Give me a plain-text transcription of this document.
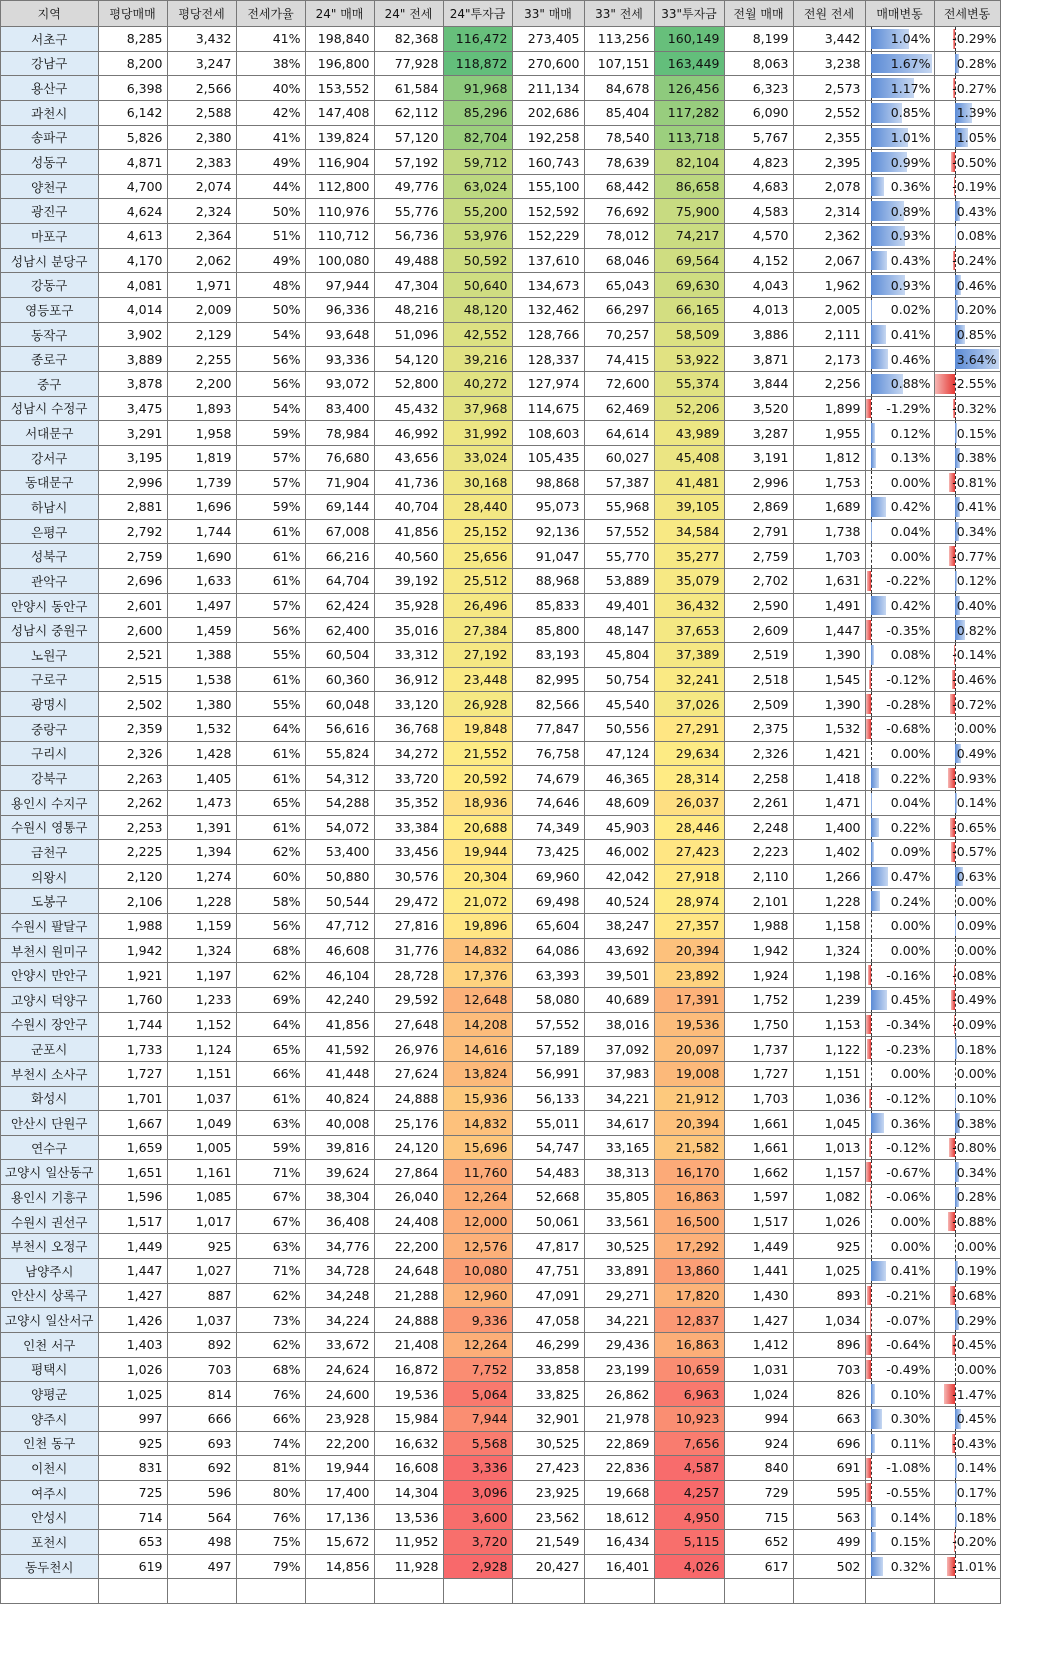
지역	평당매매	평당전세	전세가율	24" 매매	24" 전세	24"투자금	33" 매매	33" 전세	33"투자금	전월 매매	전원 전세	매매변동	전세변동
서초구	8,285	3,432	41%	198,840	82,368	116,472	273,405	113,256	160,149	8,199	3,442	1.04%	-0.29%
강남구	8,200	3,247	38%	196,800	77,928	118,872	270,600	107,151	163,449	8,063	3,238	1.67%	0.28%
용산구	6,398	2,566	40%	153,552	61,584	91,968	211,134	84,678	126,456	6,323	2,573	1.17%	-0.27%
과천시	6,142	2,588	42%	147,408	62,112	85,296	202,686	85,404	117,282	6,090	2,552	0.85%	1.39%
송파구	5,826	2,380	41%	139,824	57,120	82,704	192,258	78,540	113,718	5,767	2,355	1.01%	1.05%
성동구	4,871	2,383	49%	116,904	57,192	59,712	160,743	78,639	82,104	4,823	2,395	0.99%	-0.50%
양천구	4,700	2,074	44%	112,800	49,776	63,024	155,100	68,442	86,658	4,683	2,078	0.36%	-0.19%
광진구	4,624	2,324	50%	110,976	55,776	55,200	152,592	76,692	75,900	4,583	2,314	0.89%	0.43%
마포구	4,613	2,364	51%	110,712	56,736	53,976	152,229	78,012	74,217	4,570	2,362	0.93%	0.08%
성남시 분당구	4,170	2,062	49%	100,080	49,488	50,592	137,610	68,046	69,564	4,152	2,067	0.43%	-0.24%
강동구	4,081	1,971	48%	97,944	47,304	50,640	134,673	65,043	69,630	4,043	1,962	0.93%	0.46%
영등포구	4,014	2,009	50%	96,336	48,216	48,120	132,462	66,297	66,165	4,013	2,005	0.02%	0.20%
동작구	3,902	2,129	54%	93,648	51,096	42,552	128,766	70,257	58,509	3,886	2,111	0.41%	0.85%
종로구	3,889	2,255	56%	93,336	54,120	39,216	128,337	74,415	53,922	3,871	2,173	0.46%	3.64%
중구	3,878	2,200	56%	93,072	52,800	40,272	127,974	72,600	55,374	3,844	2,256	0.88%	-2.55%
성남시 수정구	3,475	1,893	54%	83,400	45,432	37,968	114,675	62,469	52,206	3,520	1,899	-1.29%	-0.32%
서대문구	3,291	1,958	59%	78,984	46,992	31,992	108,603	64,614	43,989	3,287	1,955	0.12%	0.15%
강서구	3,195	1,819	57%	76,680	43,656	33,024	105,435	60,027	45,408	3,191	1,812	0.13%	0.38%
동대문구	2,996	1,739	57%	71,904	41,736	30,168	98,868	57,387	41,481	2,996	1,753	0.00%	-0.81%
하남시	2,881	1,696	59%	69,144	40,704	28,440	95,073	55,968	39,105	2,869	1,689	0.42%	0.41%
은평구	2,792	1,744	61%	67,008	41,856	25,152	92,136	57,552	34,584	2,791	1,738	0.04%	0.34%
성북구	2,759	1,690	61%	66,216	40,560	25,656	91,047	55,770	35,277	2,759	1,703	0.00%	-0.77%
관악구	2,696	1,633	61%	64,704	39,192	25,512	88,968	53,889	35,079	2,702	1,631	-0.22%	0.12%
안양시 동안구	2,601	1,497	57%	62,424	35,928	26,496	85,833	49,401	36,432	2,590	1,491	0.42%	0.40%
성남시 중원구	2,600	1,459	56%	62,400	35,016	27,384	85,800	48,147	37,653	2,609	1,447	-0.35%	0.82%
노원구	2,521	1,388	55%	60,504	33,312	27,192	83,193	45,804	37,389	2,519	1,390	0.08%	-0.14%
구로구	2,515	1,538	61%	60,360	36,912	23,448	82,995	50,754	32,241	2,518	1,545	-0.12%	-0.46%
광명시	2,502	1,380	55%	60,048	33,120	26,928	82,566	45,540	37,026	2,509	1,390	-0.28%	-0.72%
중랑구	2,359	1,532	64%	56,616	36,768	19,848	77,847	50,556	27,291	2,375	1,532	-0.68%	0.00%
구리시	2,326	1,428	61%	55,824	34,272	21,552	76,758	47,124	29,634	2,326	1,421	0.00%	0.49%
강북구	2,263	1,405	61%	54,312	33,720	20,592	74,679	46,365	28,314	2,258	1,418	0.22%	-0.93%
용인시 수지구	2,262	1,473	65%	54,288	35,352	18,936	74,646	48,609	26,037	2,261	1,471	0.04%	0.14%
수원시 영통구	2,253	1,391	61%	54,072	33,384	20,688	74,349	45,903	28,446	2,248	1,400	0.22%	-0.65%
금천구	2,225	1,394	62%	53,400	33,456	19,944	73,425	46,002	27,423	2,223	1,402	0.09%	-0.57%
의왕시	2,120	1,274	60%	50,880	30,576	20,304	69,960	42,042	27,918	2,110	1,266	0.47%	0.63%
도봉구	2,106	1,228	58%	50,544	29,472	21,072	69,498	40,524	28,974	2,101	1,228	0.24%	0.00%
수원시 팔달구	1,988	1,159	56%	47,712	27,816	19,896	65,604	38,247	27,357	1,988	1,158	0.00%	0.09%
부천시 원미구	1,942	1,324	68%	46,608	31,776	14,832	64,086	43,692	20,394	1,942	1,324	0.00%	0.00%
안양시 만안구	1,921	1,197	62%	46,104	28,728	17,376	63,393	39,501	23,892	1,924	1,198	-0.16%	-0.08%
고양시 덕양구	1,760	1,233	69%	42,240	29,592	12,648	58,080	40,689	17,391	1,752	1,239	0.45%	-0.49%
수원시 장안구	1,744	1,152	64%	41,856	27,648	14,208	57,552	38,016	19,536	1,750	1,153	-0.34%	-0.09%
군포시	1,733	1,124	65%	41,592	26,976	14,616	57,189	37,092	20,097	1,737	1,122	-0.23%	0.18%
부천시 소사구	1,727	1,151	66%	41,448	27,624	13,824	56,991	37,983	19,008	1,727	1,151	0.00%	0.00%
화성시	1,701	1,037	61%	40,824	24,888	15,936	56,133	34,221	21,912	1,703	1,036	-0.12%	0.10%
안산시 단원구	1,667	1,049	63%	40,008	25,176	14,832	55,011	34,617	20,394	1,661	1,045	0.36%	0.38%
연수구	1,659	1,005	59%	39,816	24,120	15,696	54,747	33,165	21,582	1,661	1,013	-0.12%	-0.80%
고양시 일산동구	1,651	1,161	71%	39,624	27,864	11,760	54,483	38,313	16,170	1,662	1,157	-0.67%	0.34%
용인시 기흥구	1,596	1,085	67%	38,304	26,040	12,264	52,668	35,805	16,863	1,597	1,082	-0.06%	0.28%
수원시 권선구	1,517	1,017	67%	36,408	24,408	12,000	50,061	33,561	16,500	1,517	1,026	0.00%	-0.88%
부천시 오정구	1,449	925	63%	34,776	22,200	12,576	47,817	30,525	17,292	1,449	925	0.00%	0.00%
남양주시	1,447	1,027	71%	34,728	24,648	10,080	47,751	33,891	13,860	1,441	1,025	0.41%	0.19%
안산시 상록구	1,427	887	62%	34,248	21,288	12,960	47,091	29,271	17,820	1,430	893	-0.21%	-0.68%
고양시 일산서구	1,426	1,037	73%	34,224	24,888	9,336	47,058	34,221	12,837	1,427	1,034	-0.07%	0.29%
인천 서구	1,403	892	62%	33,672	21,408	12,264	46,299	29,436	16,863	1,412	896	-0.64%	-0.45%
평택시	1,026	703	68%	24,624	16,872	7,752	33,858	23,199	10,659	1,031	703	-0.49%	0.00%
양평군	1,025	814	76%	24,600	19,536	5,064	33,825	26,862	6,963	1,024	826	0.10%	-1.47%
양주시	997	666	66%	23,928	15,984	7,944	32,901	21,978	10,923	994	663	0.30%	0.45%
인천 동구	925	693	74%	22,200	16,632	5,568	30,525	22,869	7,656	924	696	0.11%	-0.43%
이천시	831	692	81%	19,944	16,608	3,336	27,423	22,836	4,587	840	691	-1.08%	0.14%
여주시	725	596	80%	17,400	14,304	3,096	23,925	19,668	4,257	729	595	-0.55%	0.17%
안성시	714	564	76%	17,136	13,536	3,600	23,562	18,612	4,950	715	563	0.14%	0.18%
포천시	653	498	75%	15,672	11,952	3,720	21,549	16,434	5,115	652	499	0.15%	-0.20%
동두천시	619	497	79%	14,856	11,928	2,928	20,427	16,401	4,026	617	502	0.32%	-1.01%
